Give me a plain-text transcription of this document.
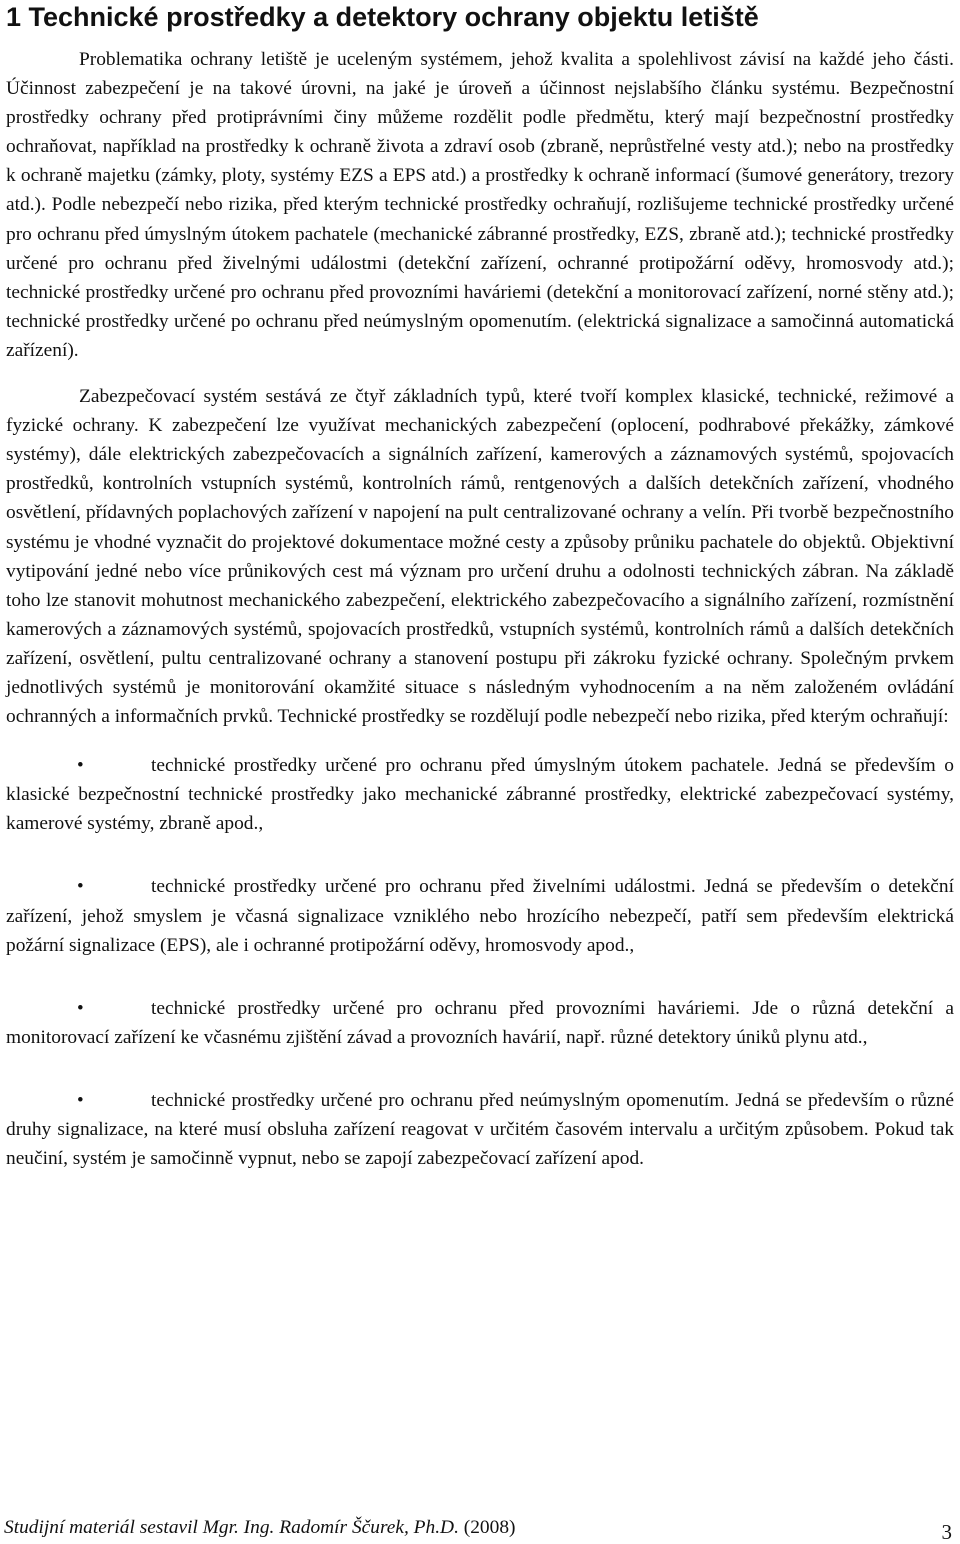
1 Technické prostředky a detektory ochrany objektu letiště

Problematika ochrany letiště je uceleným systémem, jehož kvalita a spolehlivost závisí na každé jeho části. Účinnost zabezpečení je na takové úrovni, na jaké je úroveň a účinnost nejslabšího článku systému. Bezpečnostní prostředky ochrany před protiprávními činy můžeme rozdělit podle předmětu, který mají bezpečnostní prostředky ochraňovat, například na prostředky k ochraně života a zdraví osob (zbraně, neprůstřelné vesty atd.); nebo na prostředky k ochraně majetku (zámky, ploty, systémy EZS a EPS atd.) a prostředky k ochraně informací (šumové generátory, trezory atd.). Podle nebezpečí nebo rizika, před kterým technické prostředky ochraňují, rozlišujeme technické prostředky určené pro ochranu před úmyslným útokem pachatele (mechanické zábranné prostředky, EZS, zbraně atd.); technické prostředky určené pro ochranu před živelnými událostmi (detekční zařízení, ochranné protipožární oděvy, hromosvody atd.); technické prostředky určené pro ochranu před provozními haváriemi (detekční a monitorovací zařízení, norné stěny atd.); technické prostředky určené po ochranu před neúmyslným opomenutím. (elektrická signalizace a samočinná automatická zařízení).

Zabezpečovací systém sestává ze čtyř základních typů, které tvoří komplex klasické, technické, režimové a fyzické ochrany. K zabezpečení lze využívat mechanických zabezpečení (oplocení, podhrabové překážky, zámkové systémy), dále elektrických zabezpečovacích a signálních zařízení, kamerových a záznamových systémů, spojovacích prostředků, kontrolních vstupních systémů, kontrolních rámů, rentgenových a dalších detekčních zařízení, vhodného osvětlení, přídavných poplachových zařízení v napojení na pult centralizované ochrany a velín. Při tvorbě bezpečnostního systému je vhodné vyznačit do projektové dokumentace možné cesty a způsoby průniku pachatele do objektů. Objektivní vytipování jedné nebo více průnikových cest má význam pro určení druhu a odolnosti technických zábran. Na základě toho lze stanovit mohutnost mechanického zabezpečení, elektrického zabezpečovacího a signálního zařízení, rozmístnění kamerových a záznamových systémů, spojovacích prostředků, vstupních systémů, kontrolních rámů a dalších detekčních zařízení, osvětlení, pultu centralizované ochrany a stanovení postupu při zákroku fyzické ochrany. Společným prvkem jednotlivých systémů je monitorování okamžité situace s následným vyhodnocením a na něm založeném ovládání ochranných a informačních prvků. Technické prostředky se rozdělují podle nebezpečí nebo rizika, před kterým ochraňují:

•	technické prostředky určené pro ochranu před úmyslným útokem pachatele. Jedná se především o klasické bezpečnostní technické prostředky jako mechanické zábranné prostředky, elektrické zabezpečovací systémy, kamerové systémy, zbraně apod.,
•	technické prostředky určené pro ochranu před živelními událostmi. Jedná se především o detekční zařízení, jehož smyslem je včasná signalizace vzniklého nebo hrozícího nebezpečí, patří sem především elektrická požární signalizace (EPS), ale i ochranné protipožární oděvy, hromosvody apod.,
•	technické prostředky určené pro ochranu před provozními haváriemi. Jde o různá detekční a monitorovací zařízení ke včasnému zjištění závad a provozních havárií, např. různé detektory úniků plynu atd.,
•	technické prostředky určené pro ochranu před neúmyslným opomenutím. Jedná se především o různé druhy signalizace, na které musí obsluha zařízení reagovat v určitém časovém intervalu a určitým způsobem. Pokud tak neučiní, systém je samočinně vypnut, nebo se zapojí zabezpečovací zařízení apod.
Studijní materiál sestavil Mgr. Ing. Radomír Ščurek, Ph.D. (2008)	3
